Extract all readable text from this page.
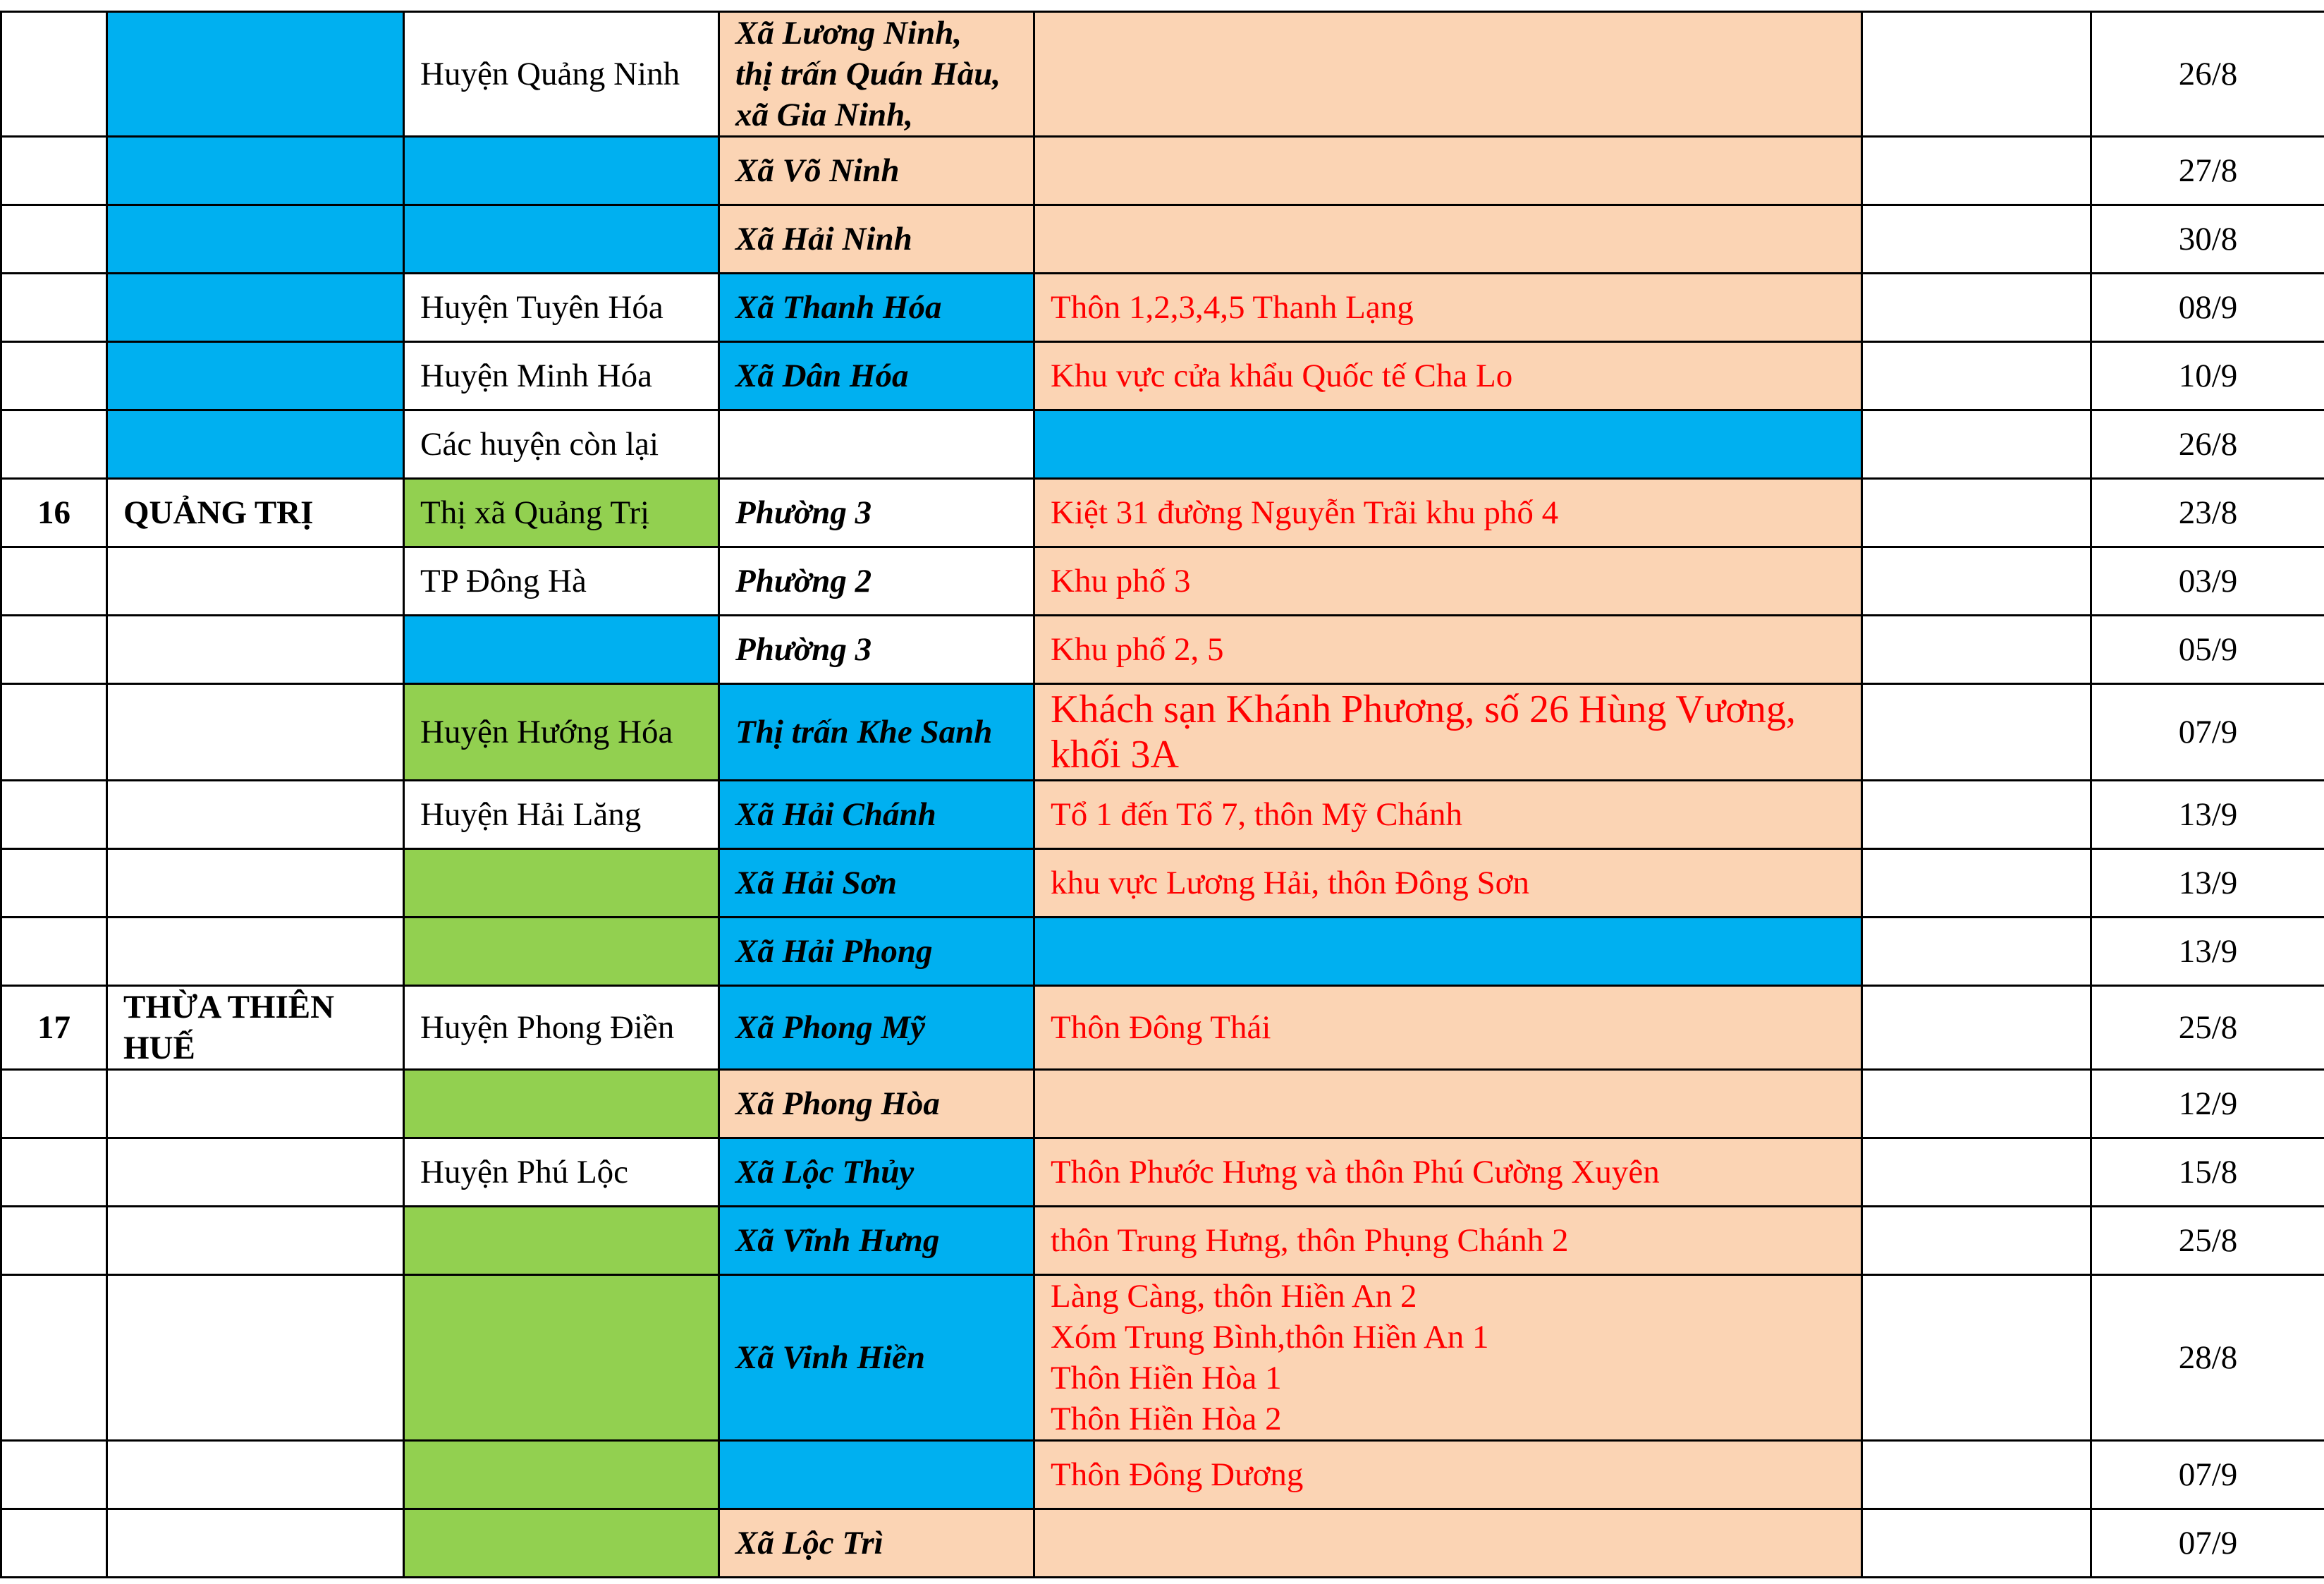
		Huyện Quảng Ninh	Xã Lương Ninh,
thị trấn Quán Hàu,
xã Gia Ninh,			26/8

			Xã Võ Ninh			27/8

			Xã Hải Ninh			30/8
		Huyện Tuyên Hóa	Xã Thanh Hóa	Thôn 1,2,3,4,5 Thanh Lạng		08/9
		Huyện Minh Hóa	Xã Dân Hóa	Khu vực cửa khẩu Quốc tế Cha Lo		10/9
		Các huyện còn lại				26/8
16	QUẢNG TRỊ	Thị xã Quảng Trị	Phường 3	Kiệt 31 đường Nguyễn Trãi khu phố 4		23/8
		TP Đông Hà	Phường 2	Khu phố 3		03/9

			Phường 3	Khu phố 2, 5		05/9
		Huyện Hướng Hóa	Thị trấn Khe Sanh	Khách sạn Khánh Phương, số 26 Hùng Vương,
khối 3A		07/9
		Huyện Hải Lăng	Xã Hải Chánh	Tổ 1 đến Tổ 7, thôn Mỹ Chánh		13/9

			Xã Hải Sơn	khu vực Lương Hải, thôn Đông Sơn		13/9

			Xã Hải Phong			13/9
17	THỪA THIÊN HUẾ	Huyện Phong Điền	Xã Phong Mỹ	Thôn Đông Thái		25/8

			Xã Phong Hòa			12/9
		Huyện Phú Lộc	Xã Lộc Thủy	Thôn Phước Hưng và thôn Phú Cường Xuyên		15/8

			Xã Vĩnh Hưng	thôn Trung Hưng, thôn Phụng Chánh 2		25/8

			Xã Vinh Hiền	Làng Càng, thôn Hiền An 2
Xóm Trung Bình,thôn Hiền An 1
Thôn Hiền Hòa 1
Thôn Hiền Hòa 2		28/8

				Thôn Đông Dương		07/9

			Xã Lộc Trì			07/9
